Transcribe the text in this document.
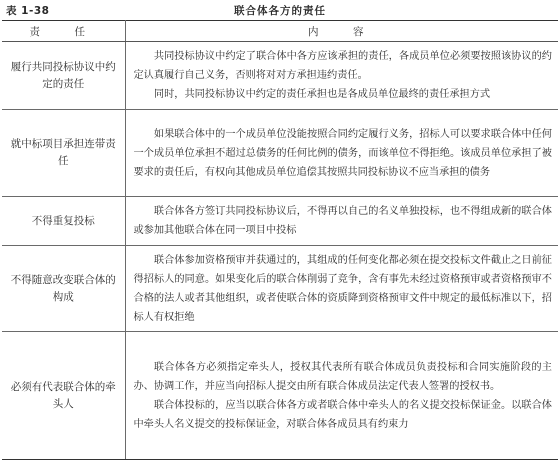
表 1-38	联合体各方的责任
责　任	内　容
履行共同投标协议中约定的责任	共同投标协议中约定了联合体中各方应该承担的责任，各成员单位必须要按照该协议的约定认真履行自己义务，否则将对对方承担违约责任。

同时，共同投标协议中约定的责任承担也是各成员单位最终的责任承担方式

就中标项目承担连带责任	如果联合体中的一个成员单位没能按照合同约定履行义务，招标人可以要求联合体中任何一个成员单位承担不超过总债务的任何比例的债务，而该单位不得拒绝。该成员单位承担了被要求的责任后，有权向其他成员单位追偿其按照共同投标协议不应当承担的债务

不得重复投标	联合体各方签订共同投标协议后，不得再以自己的名义单独投标，也不得组成新的联合体或参加其他联合体在同一项目中投标

不得随意改变联合体的构成	联合体参加资格预审并获通过的，其组成的任何变化都必须在提交投标文件截止之日前征得招标人的同意。如果变化后的联合体削弱了竞争，含有事先未经过资格预审或者资格预审不合格的法人或者其他组织，或者使联合体的资质降到资格预审文件中规定的最低标准以下，招标人有权拒绝

必须有代表联合体的牵头人	联合体各方必须指定牵头人，授权其代表所有联合体成员负责投标和合同实施阶段的主办、协调工作，并应当向招标人提交由所有联合体成员法定代表人签署的授权书。

联合体投标的，应当以联合体各方或者联合体中牵头人的名义提交投标保证金。以联合体中牵头人名义提交的投标保证金，对联合体各成员具有约束力
